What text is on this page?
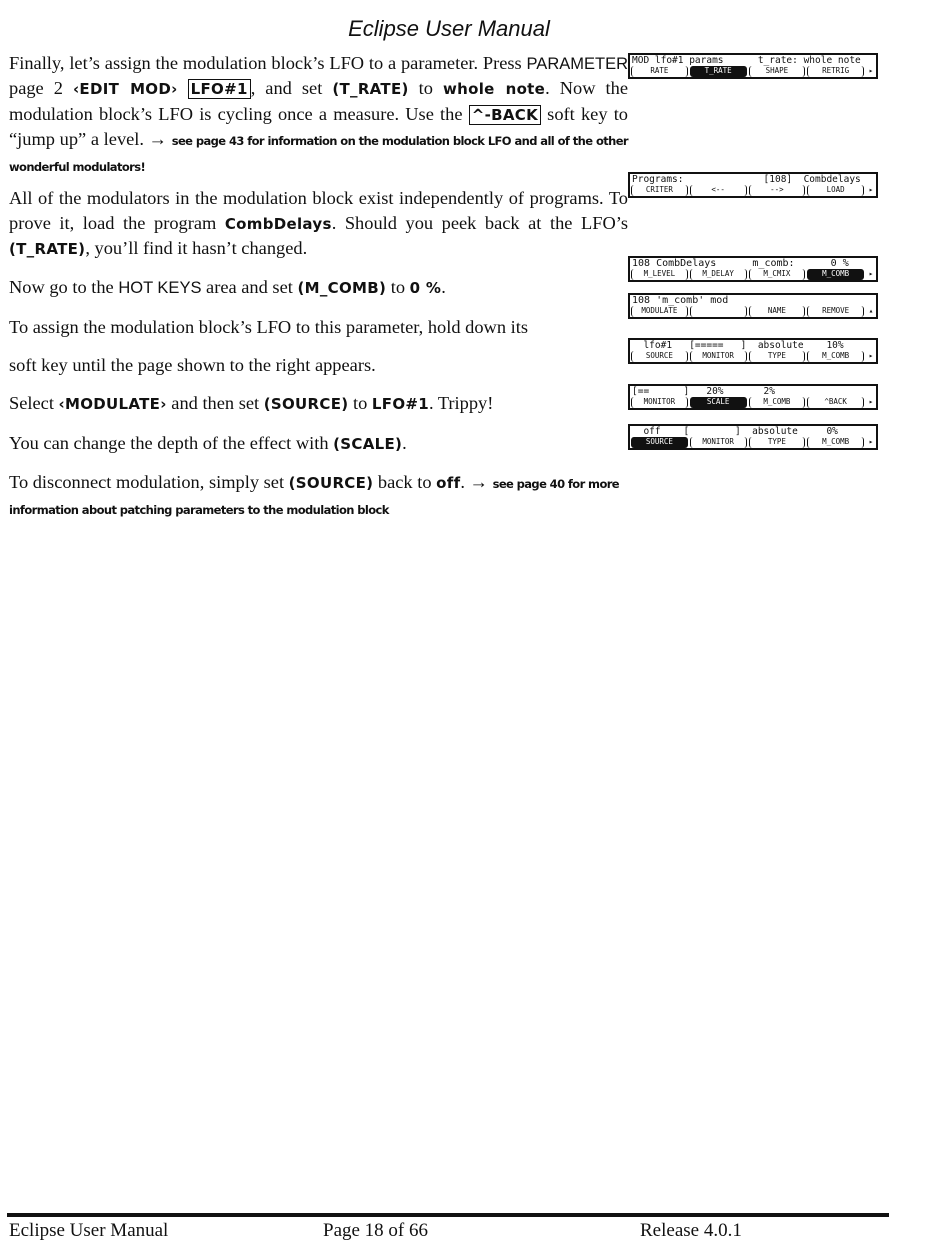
Eclipse User Manual

Finally, let’s assign the modulation block’s LFO to a parameter. Press PARAMETER page 2 ‹EDIT MOD› LFO#1 , and set (T_RATE) to whole note. Now the modulation block’s LFO is cycling once a measure. Use the ^-BACK soft key to “jump up” a level. → see page 43 for information on the modulation block LFO and all of the other wonderful modulators!

All of the modulators in the modulation block exist independently of programs. To prove it, load the program CombDelays. Should you peek back at the LFO’s (T_RATE), you’ll find it hasn’t changed.

Now go to the HOT KEYS area and set (M_COMB) to 0 %.

To assign the modulation block’s LFO to this parameter, hold down its

soft key until the page shown to the right appears.

Select ‹MODULATE› and then set (SOURCE) to LFO#1. Trippy!

You can change the depth of the effect with (SCALE).

To disconnect modulation, simply set (SOURCE) back to off. → see page 40 for more information about patching parameters to the modulation block

MOD lfo#1 params      t_rate: whole note
RATE	T_RATE	SHAPE	RETRIG	▸
Programs:              [108]  Combdelays
CRITER	<--	-->	LOAD	▸
108 CombDelays      m_comb:      0 %
M_LEVEL	M_DELAY	M_CMIX	M_COMB	▸
108 'm_comb' mod
MODULATE	NAME	REMOVE	▴
lfo#1   [=====   ]  absolute    10%
SOURCE	MONITOR	TYPE	M_COMB	▸
[==      ]   20%       2%
MONITOR	SCALE	M_COMB	^BACK	▸
off    [        ]  absolute     0%
SOURCE	MONITOR	TYPE	M_COMB	▸
Eclipse User Manual	Page 18 of 66	Release 4.0.1
